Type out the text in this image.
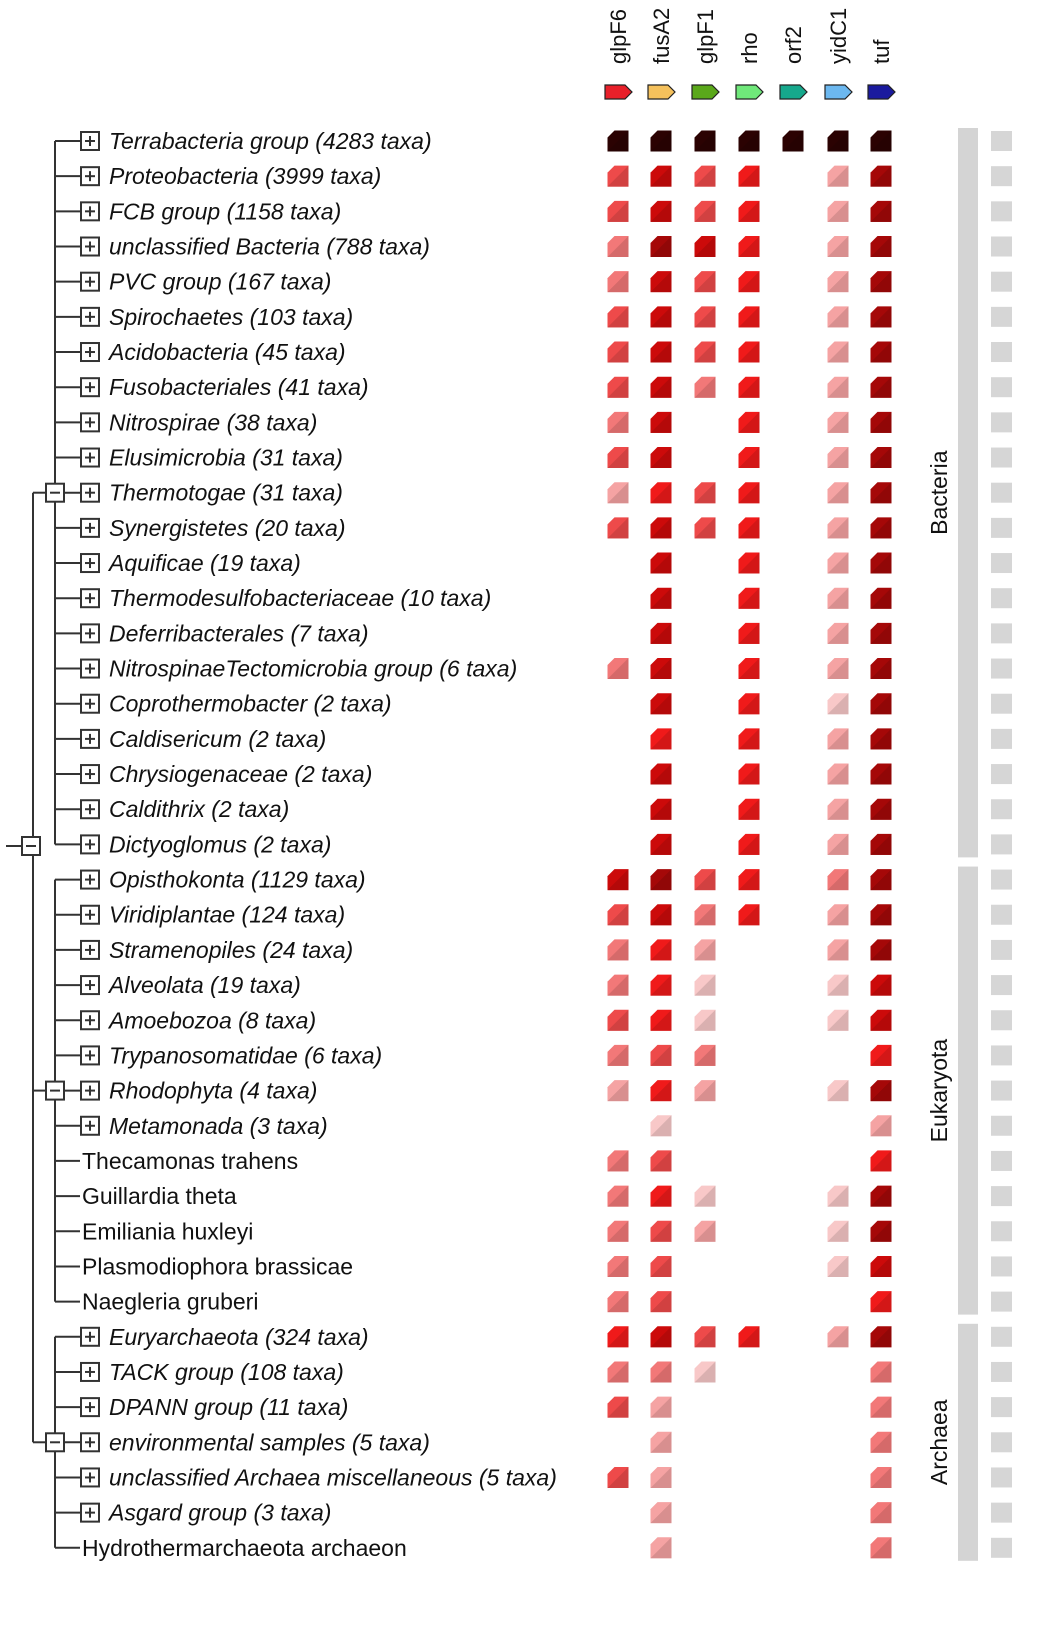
Terrabacteria group (4283 taxa)
Proteobacteria (3999 taxa)
FCB group (1158 taxa)
unclassified Bacteria (788 taxa)
PVC group (167 taxa)
Spirochaetes (103 taxa)
Acidobacteria (45 taxa)
Fusobacteriales (41 taxa)
Nitrospirae (38 taxa)
Elusimicrobia (31 taxa)
Thermotogae (31 taxa)
Synergistetes (20 taxa)
Aquificae (19 taxa)
Thermodesulfobacteriaceae (10 taxa)
Deferribacterales (7 taxa)
NitrospinaeTectomicrobia group (6 taxa)
Coprothermobacter (2 taxa)
Caldisericum (2 taxa)
Chrysiogenaceae (2 taxa)
Caldithrix (2 taxa)
Dictyoglomus (2 taxa)
Opisthokonta (1129 taxa)
Viridiplantae (124 taxa)
Stramenopiles (24 taxa)
Alveolata (19 taxa)
Amoebozoa (8 taxa)
Trypanosomatidae (6 taxa)
Rhodophyta (4 taxa)
Metamonada (3 taxa)
Thecamonas trahens
Guillardia theta
Emiliania huxleyi
Plasmodiophora brassicae
Naegleria gruberi
Euryarchaeota (324 taxa)
TACK group (108 taxa)
DPANN group (11 taxa)
environmental samples (5 taxa)
unclassified Archaea miscellaneous (5 taxa)
Asgard group (3 taxa)
Hydrothermarchaeota archaeon
glpF6 fusA2 glpF1 rho orf2 yidC1 tuf
Bacteria
Eukaryota
Archaea
